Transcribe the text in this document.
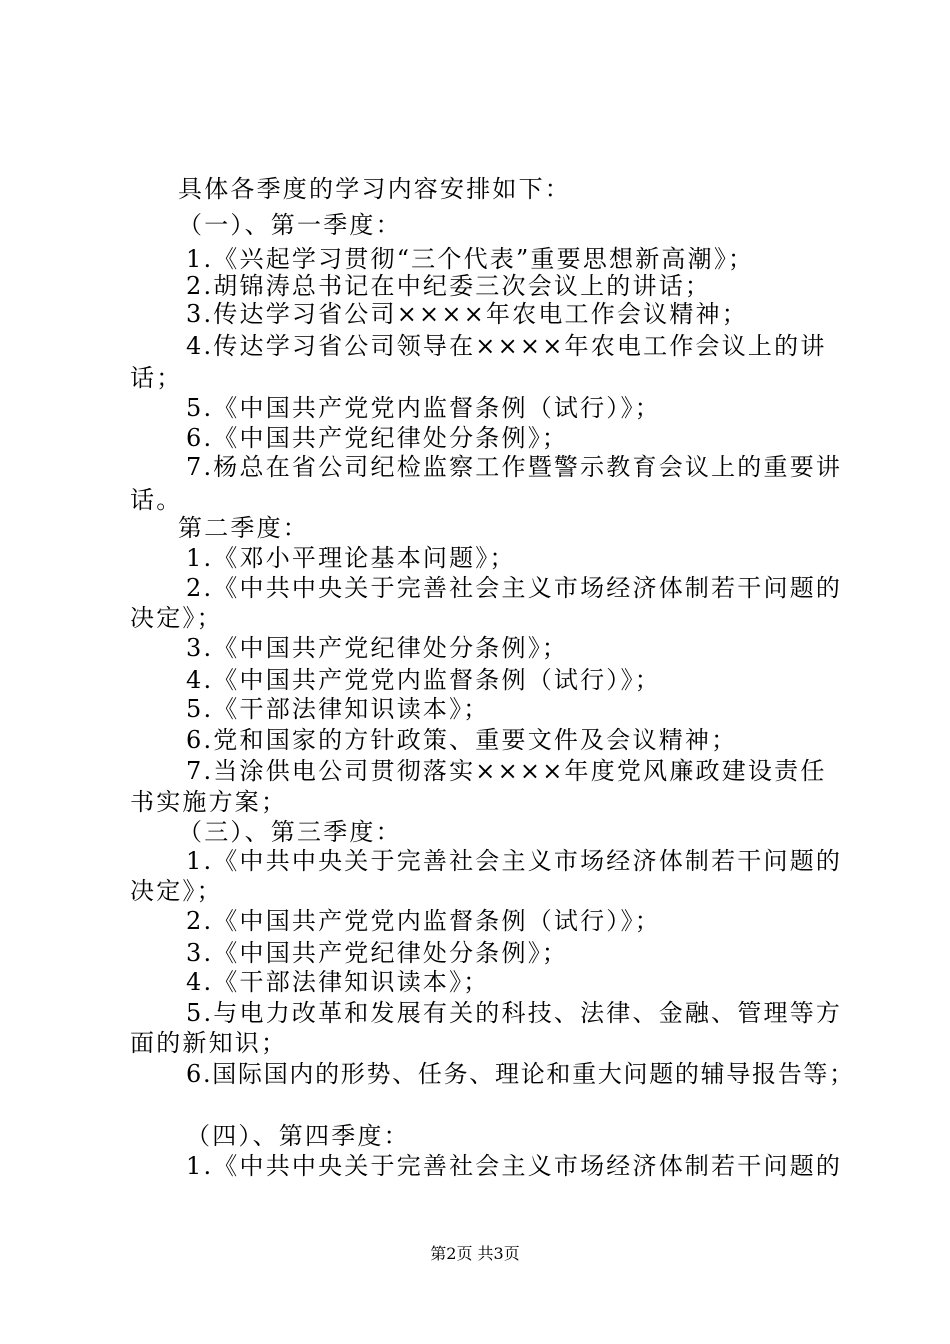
具体各季度的学习内容安排如下：
（一）、第一季度：
1.《兴起学习贯彻“三个代表”重要思想新高潮》；
2.胡锦涛总书记在中纪委三次会议上的讲话；
3.传达学习省公司××××年农电工作会议精神；
4.传达学习省公司领导在××××年农电工作会议上的讲
话；
5.《中国共产党党内监督条例（试行）》；
6.《中国共产党纪律处分条例》；
7.杨总在省公司纪检监察工作暨警示教育会议上的重要讲
话。
第二季度：
1.《邓小平理论基本问题》；
2.《中共中央关于完善社会主义市场经济体制若干问题的
决定》；
3.《中国共产党纪律处分条例》；
4.《中国共产党党内监督条例（试行）》；
5.《干部法律知识读本》；
6.党和国家的方针政策、重要文件及会议精神；
7.当涂供电公司贯彻落实××××年度党风廉政建设责任
书实施方案；
（三）、第三季度：
1.《中共中央关于完善社会主义市场经济体制若干问题的
决定》；
2.《中国共产党党内监督条例（试行）》；
3.《中国共产党纪律处分条例》；
4.《干部法律知识读本》；
5.与电力改革和发展有关的科技、法律、金融、管理等方
面的新知识；
6.国际国内的形势、任务、理论和重大问题的辅导报告等；
（四）、第四季度：
1.《中共中央关于完善社会主义市场经济体制若干问题的
第2页 共3页
